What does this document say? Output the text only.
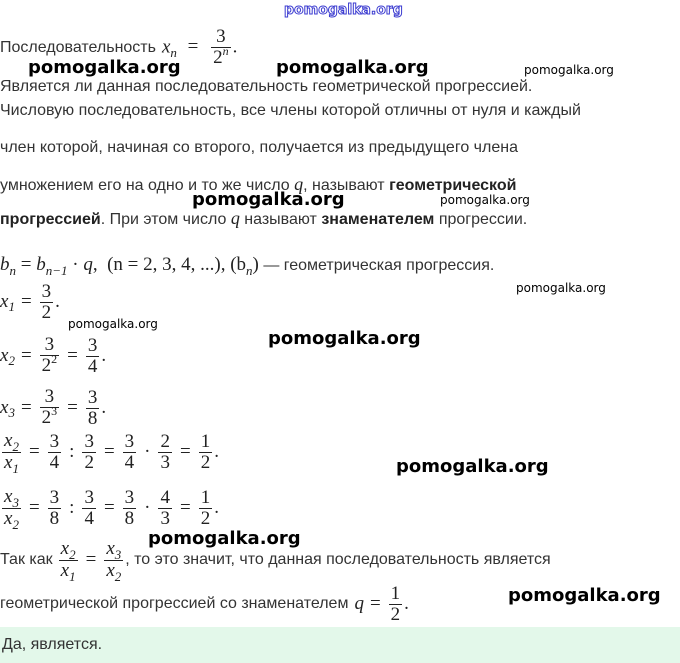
pomogalka.org
Последовательность $x_n = \frac{3}{2^n}$ .
Является ли данная последовательность геометрической прогрессией.
Числовую последовательность, все члены которой отличны от нуля и каждый
член которой, начиная со второго, получается из предыдущего члена
умножением его на одно и то же число q, называют геометрической
прогрессией. При этом число q называют знаменателем прогрессии.
$b_n = b_{n-1} \cdot q$,  (n = 2, 3, 4, ...), $(b_n)$ — геометрическая прогрессия.
x $1 = \frac{3}{2}$ .
x $2 = \frac{3}{2^2} = \frac{3}{4}$ .
x $3 = \frac{3}{2^3} = \frac{3}{8}$ .
$\frac{x_2}{x_1} = \frac{3}{4}$ : $\frac{3}{2} = \frac{3}{4} \cdot \frac{2}{3} = \frac{1}{2}$ .
$\frac{x_3}{x_2} = \frac{3}{8}$ : $\frac{3}{4} = \frac{3}{8} \cdot \frac{4}{3} = \frac{1}{2}$ .
Так как $\frac{x_2}{x_1} = \frac{x_3}{x_2}$ , то это значит, что данная последовательность является
геометрической прогрессией со знаменателем $q = \frac{1}{2}$ .
Да, является.
pomogalka.org	pomogalka.org	pomogalka.org
pomogalka.org	pomogalka.org
pomogalka.org
pomogalka.org
pomogalka.org
pomogalka.org
pomogalka.org
pomogalka.org
